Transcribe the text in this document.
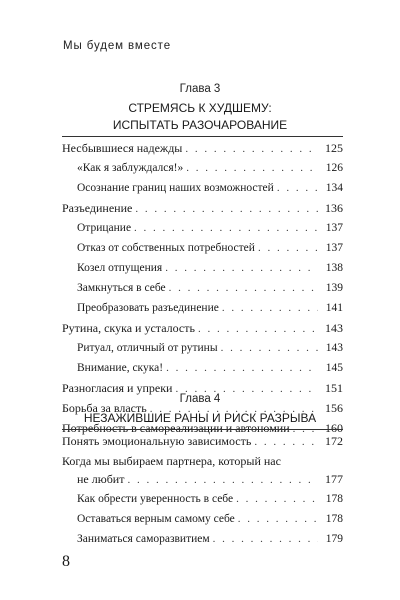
Мы будем вместе
Глава 3
СТРЕМЯСЬ К ХУДШЕМУ:
ИСПЫТАТЬ РАЗОЧАРОВАНИЕ
Несбывшиеся надежды . . .	125
«Как я заблуждался!» . . .	126
Осознание границ наших возможностей . . .	134
Разъединение . . .	136
Отрицание . . .	137
Отказ от собственных потребностей . . .	137
Козел отпущения . . .	138
Замкнуться в себе . . .	139
Преобразовать разъединение . . .	141
Рутина, скука и усталость . . .	143
Ритуал, отличный от рутины . . .	143
Внимание, скука! . . .	145
Разногласия и упреки . . .	151
Борьба за власть . . .	156
Потребность в самореализации и автономии . . .	160
Глава 4
НЕЗАЖИВШИЕ РАНЫ И РИСК РАЗРЫВА
Понять эмоциональную зависимость . . .	172
Когда мы выбираем партнера, который нас
не любит . . .	177
Как обрести уверенность в себе . . .	178
Оставаться верным самому себе . . .	178
Заниматься саморазвитием . . .	179
8
